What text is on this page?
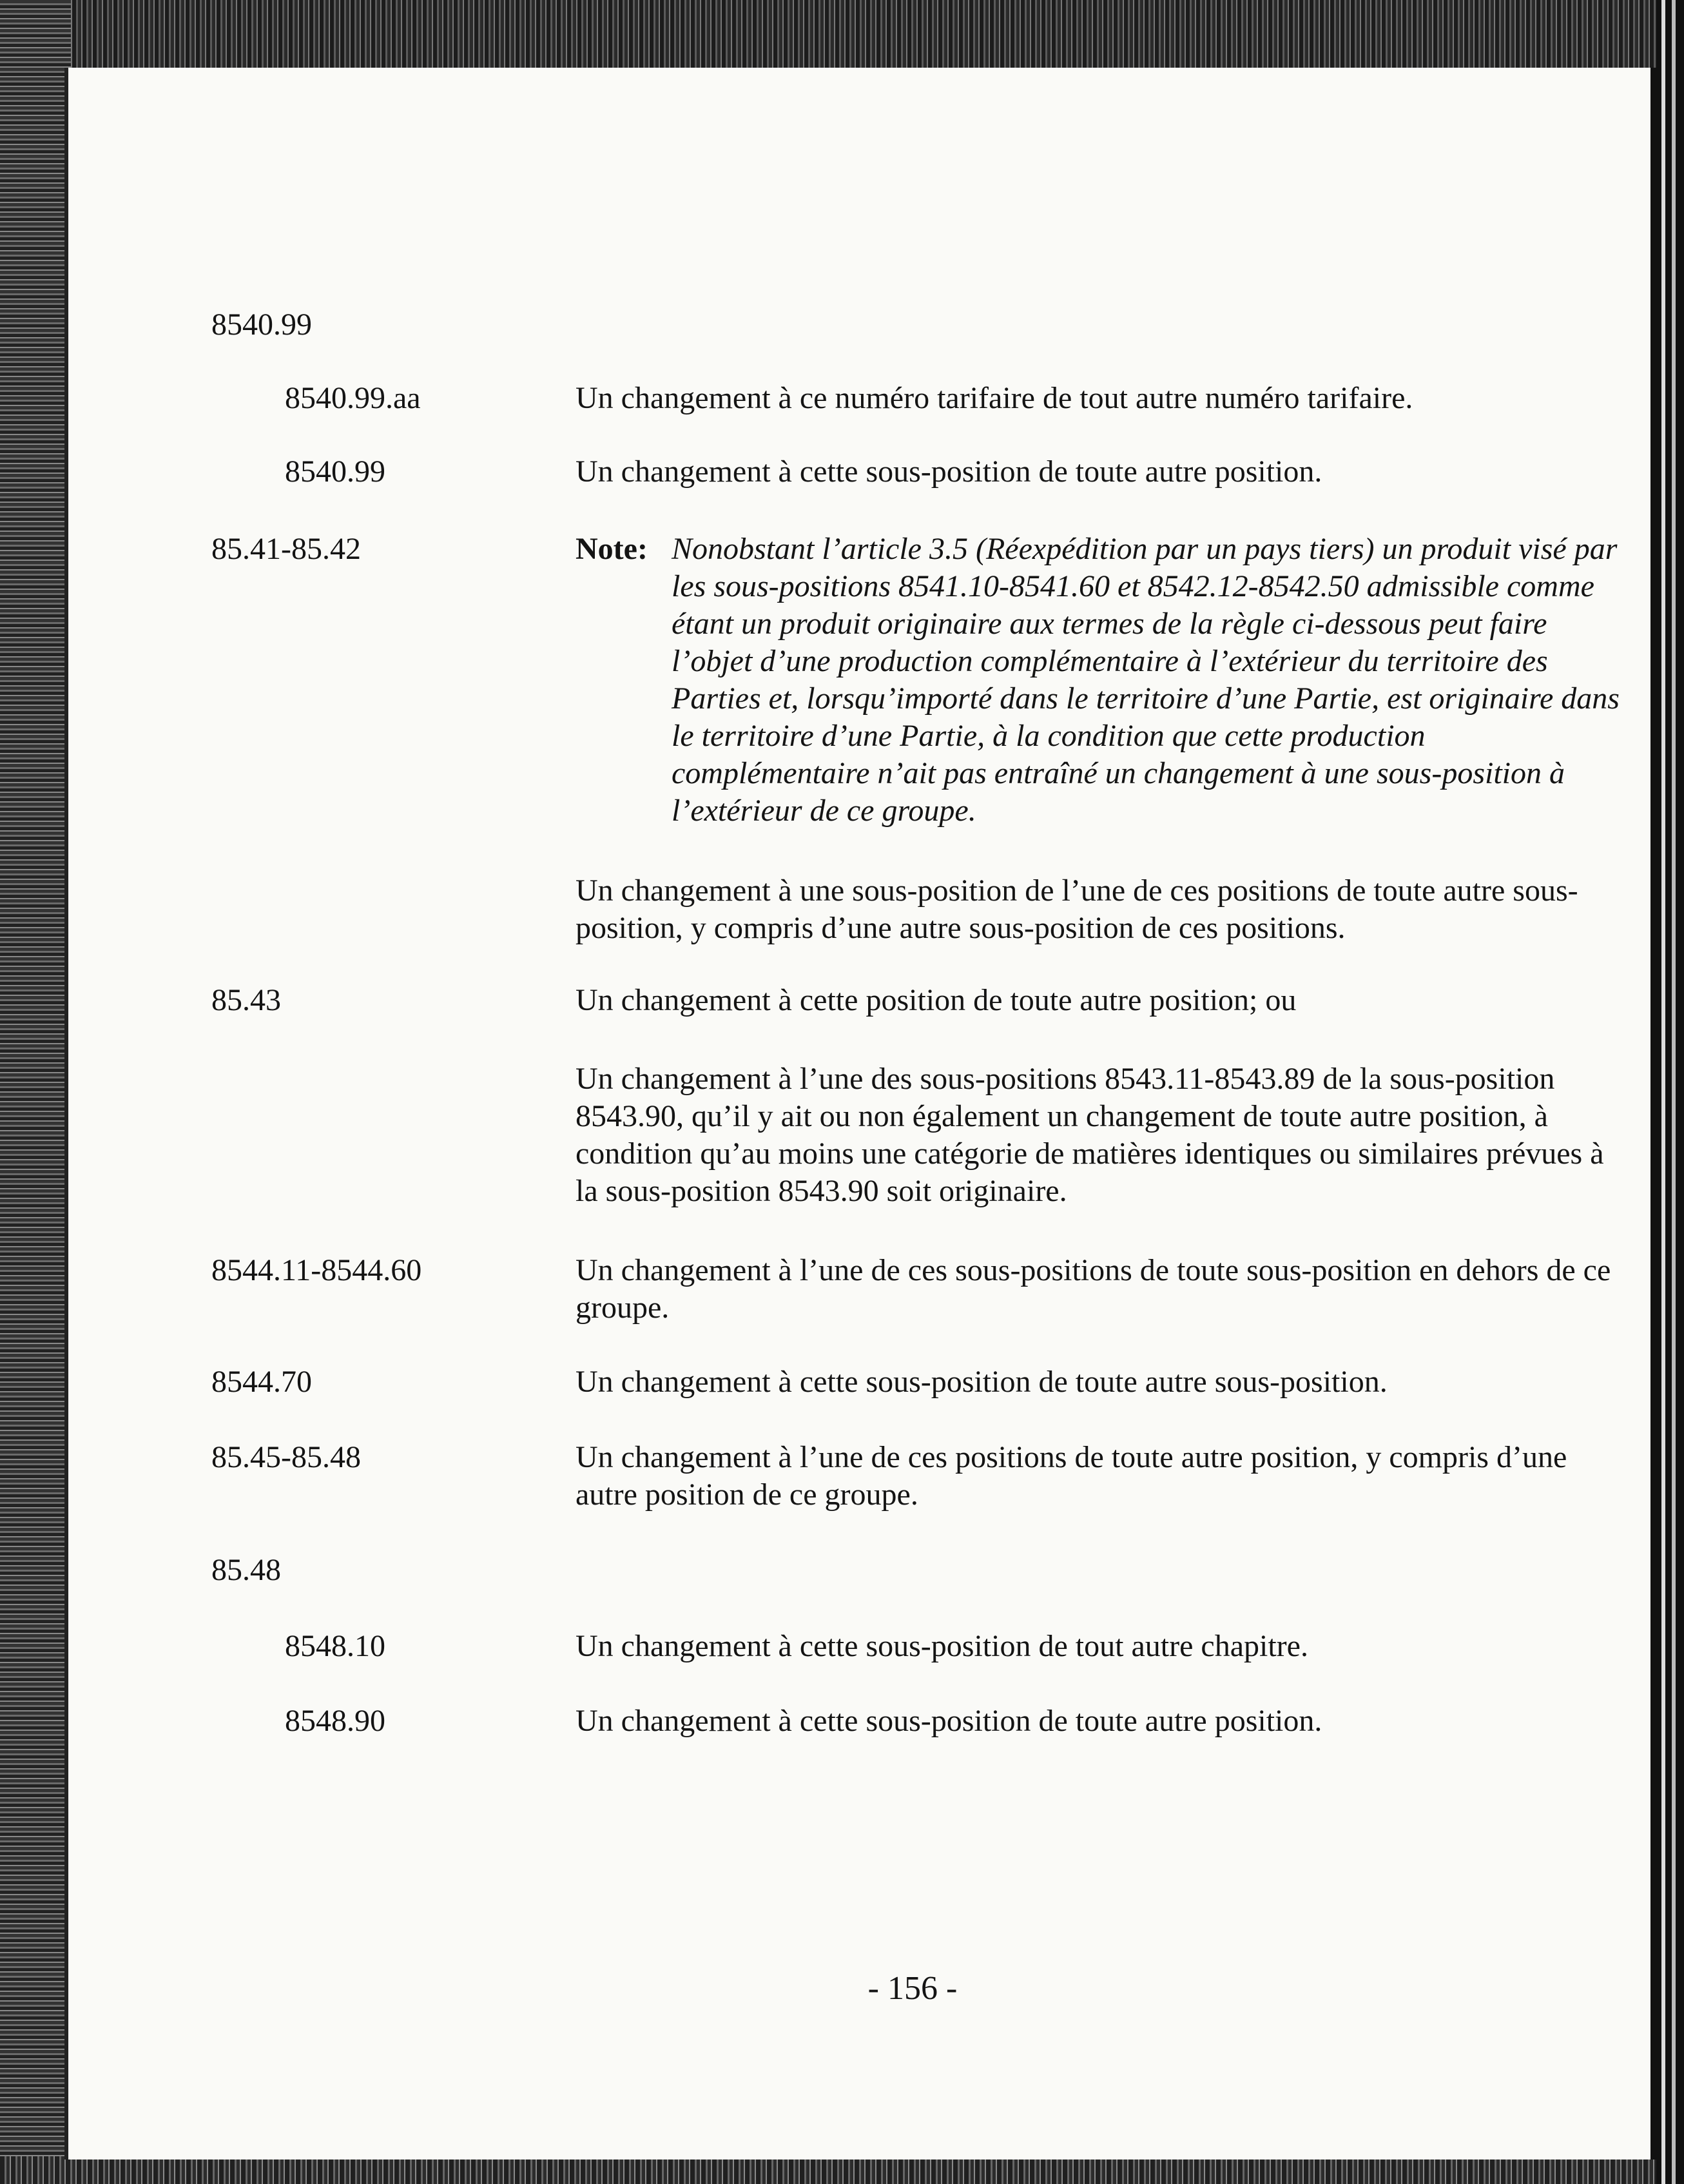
8540.99
8540.99.aa	Un changement à ce numéro tarifaire de tout autre numéro tarifaire.
8540.99	Un changement à cette sous-position de toute autre position.
85.41-85.42	Note: Nonobstant l’article 3.5 (Réexpédition par un pays tiers) un produit visé par les sous-positions 8541.10-8541.60 et 8542.12-8542.50 admissible comme étant un produit originaire aux termes de la règle ci-dessous peut faire l’objet d’une production complémentaire à l’extérieur du territoire des Parties et, lorsqu’importé dans le territoire d’une Partie, est originaire dans le territoire d’une Partie, à la condition que cette production complémentaire n’ait pas entraîné un changement à une sous-position à l’extérieur de ce groupe.
Un changement à une sous-position de l’une de ces positions de toute autre sous-position, y compris d’une autre sous-position de ces positions.
85.43	Un changement à cette position de toute autre position; ou
Un changement à l’une des sous-positions 8543.11-8543.89 de la sous-position 8543.90, qu’il y ait ou non également un changement de toute autre position, à condition qu’au moins une catégorie de matières identiques ou similaires prévues à la sous-position 8543.90 soit originaire.
8544.11-8544.60	Un changement à l’une de ces sous-positions de toute sous-position en dehors de ce groupe.
8544.70	Un changement à cette sous-position de toute autre sous-position.
85.45-85.48	Un changement à l’une de ces positions de toute autre position, y compris d’une autre position de ce groupe.
85.48
8548.10	Un changement à cette sous-position de tout autre chapitre.
8548.90	Un changement à cette sous-position de toute autre position.
- 156 -
